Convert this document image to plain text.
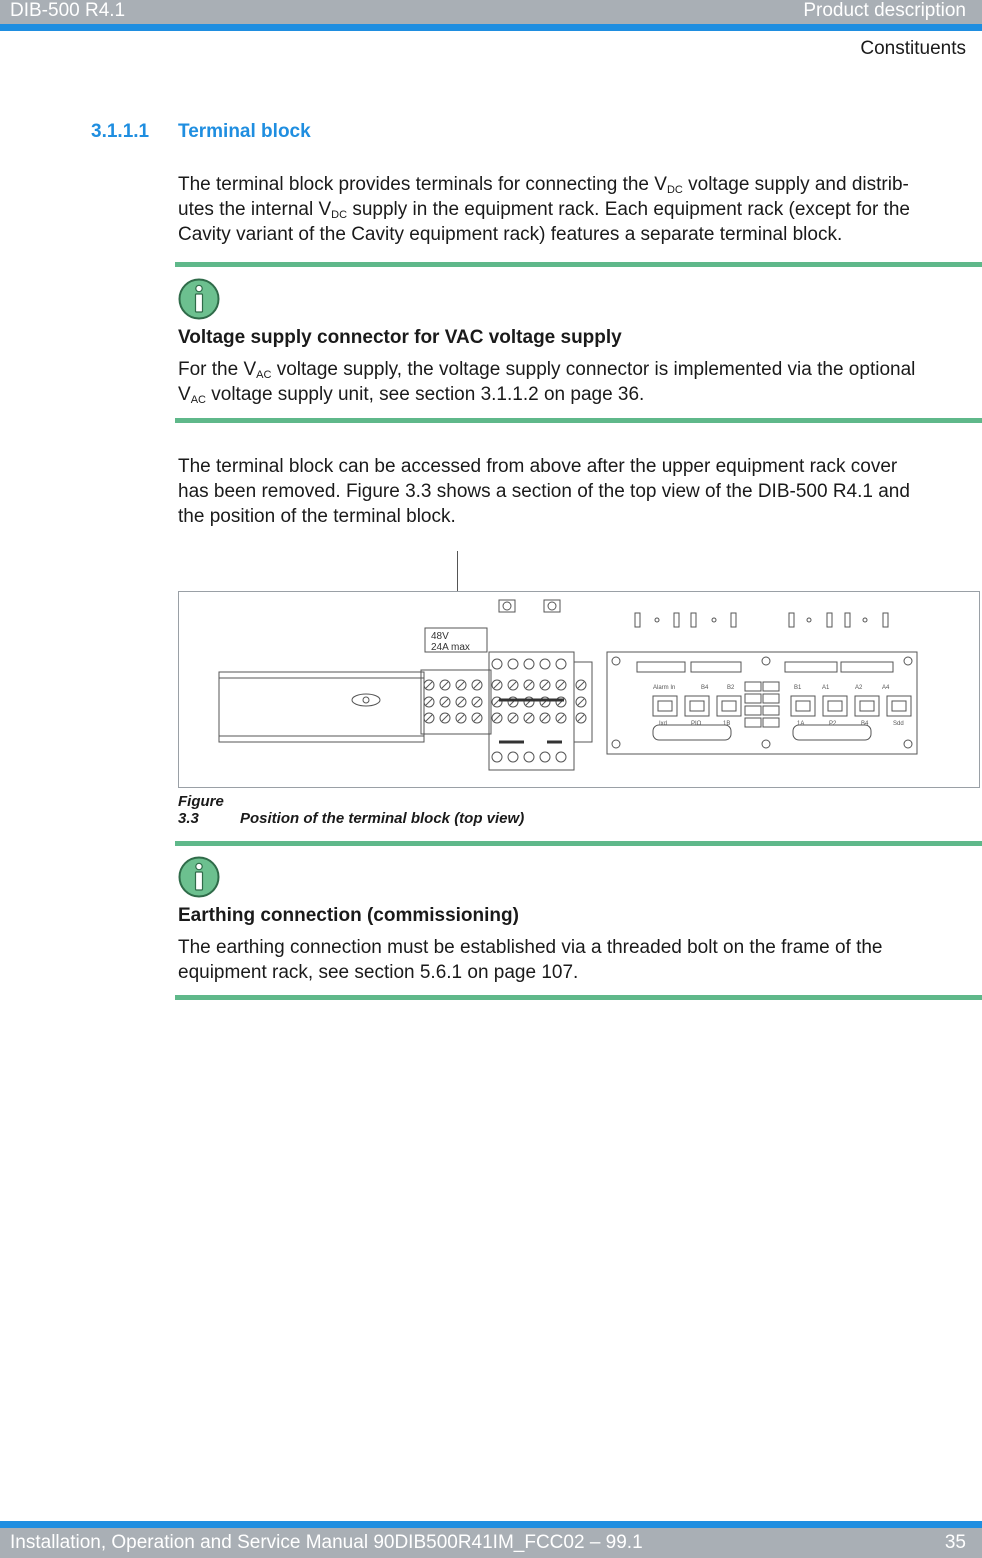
DIB-500 R4.1	Product description
Constituents
3.1.1.1 Terminal block
The terminal block provides terminals for connecting the $V_{DC}$ voltage supply and distrib-
utes the internal $V_{DC}$ supply in the equipment rack. Each equipment rack (except for the
Cavity variant of the Cavity equipment rack) features a separate terminal block.
Voltage supply connector for VAC voltage supply
For the $V_{AC}$ voltage supply, the voltage supply connector is implemented via the optional
$V_{AC}$ voltage supply unit, see section 3.1.1.2 on page 36.
The terminal block can be accessed from above after the upper equipment rack cover
has been removed. Figure 3.3 shows a section of the top view of the DIB-500 R4.1 and
the position of the terminal block.
48V
24A max
Alarm In	B4	B2	B1	A1	A2	A4
Ixd	PIO	1B	1A	P2	B4	Sdd
Figure 3.3	Position of the terminal block (top view)
Earthing connection (commissioning)
The earthing connection must be established via a threaded bolt on the frame of the
equipment rack, see section 5.6.1 on page 107.
Installation, Operation and Service Manual 90DIB500R41IM_FCC02 – 99.1	35
